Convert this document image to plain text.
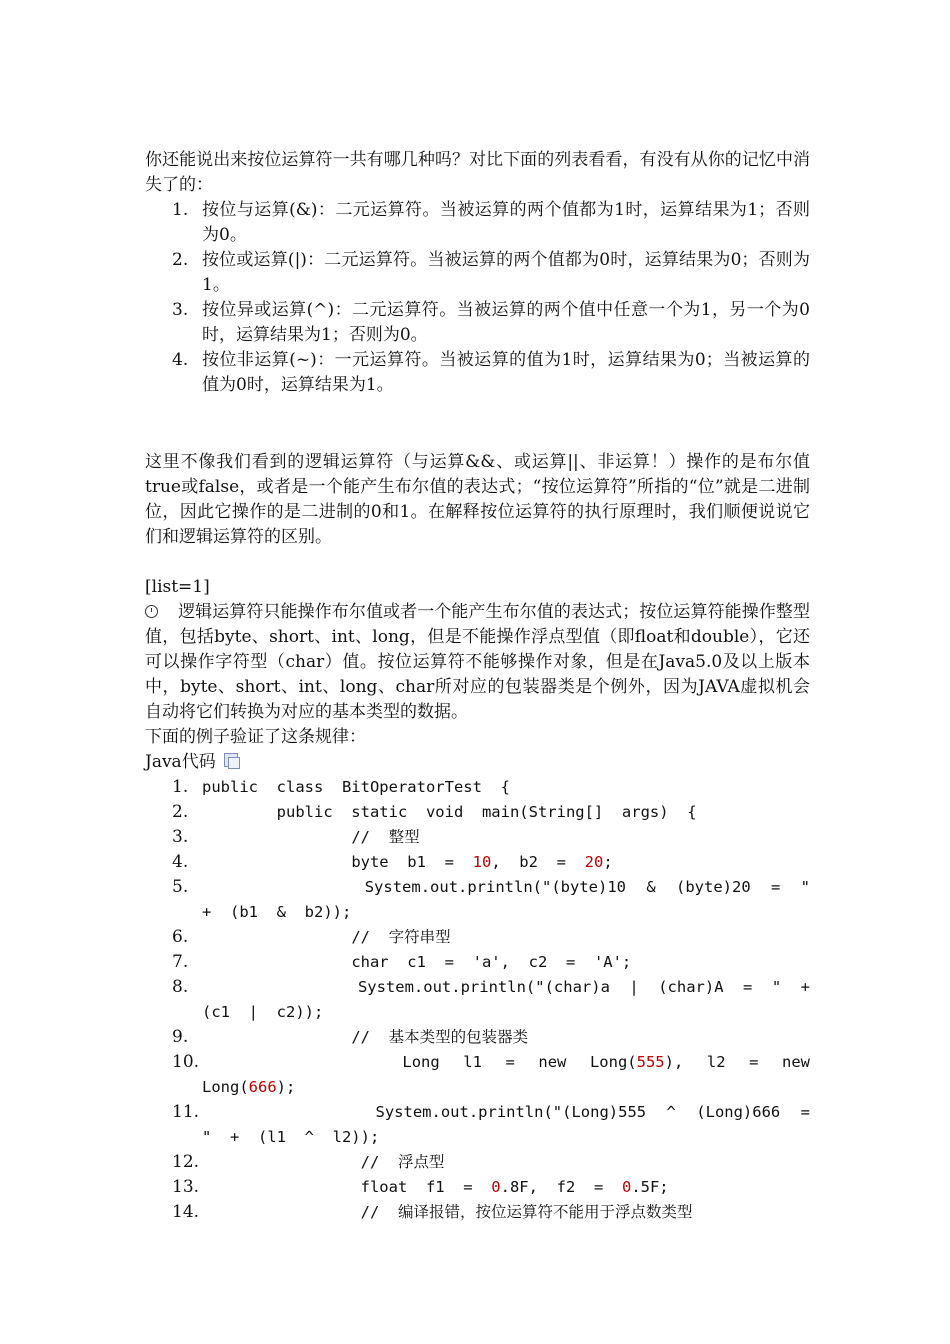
你还能说出来按位运算符一共有哪几种吗？对比下面的列表看看，有没有从你的记忆中消失了的：

1. 按位与运算(&)：二元运算符。当被运算的两个值都为1时，运算结果为1；否则为0。
2. 按位或运算(|)：二元运算符。当被运算的两个值都为0时，运算结果为0；否则为1。
3. 按位异或运算(^)：二元运算符。当被运算的两个值中任意一个为1，另一个为0时，运算结果为1；否则为0。
4. 按位非运算(~)：一元运算符。当被运算的值为1时，运算结果为0；当被运算的值为0时，运算结果为1。

这里不像我们看到的逻辑运算符（与运算&&、或运算||、非运算！）操作的是布尔值true或false，或者是一个能产生布尔值的表达式；“按位运算符”所指的“位”就是二进制位，因此它操作的是二进制的0和1。在解释按位运算符的执行原理时，我们顺便说说它们和逻辑运算符的区别。

[list=1]

逻辑运算符只能操作布尔值或者一个能产生布尔值的表达式；按位运算符能操作整型值，包括byte、short、int、long，但是不能操作浮点型值（即float和double），它还可以操作字符型（char）值。按位运算符不能够操作对象，但是在Java5.0及以上版本中，byte、short、int、long、char所对应的包装器类是个例外，因为JAVA虚拟机会自动将它们转换为对应的基本类型的数据。

下面的例子验证了这条规律：

Java代码

1. public  class  BitOperatorTest  {
2. public  static  void  main(String[]  args)  {
3. //  整型
4. byte  b1  =  10,  b2  =  20;
5. System.out.println("(byte)10  &  (byte)20  =  "  +  (b1  &  b2));
6. //  字符串型
7. char  c1  =  'a',  c2  =  'A';
8. System.out.println("(char)a  |  (char)A  =  "  +  (c1  |  c2));
9. //  基本类型的包装器类
10. Long  l1  =  new  Long(555),  l2  =  new  Long(666);
11. System.out.println("(Long)555  ^  (Long)666  =  "  +  (l1  ^  l2));
12. //  浮点型
13. float  f1  =  0.8F,  f2  =  0.5F;
14. //  编译报错，按位运算符不能用于浮点数类型
